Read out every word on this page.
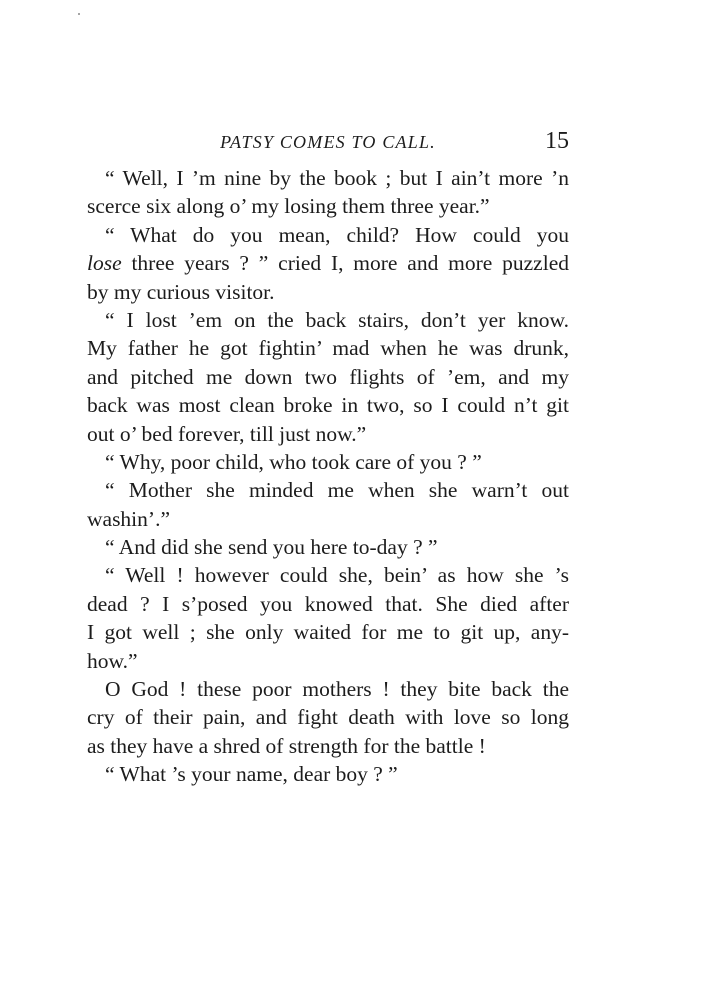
PATSY COMES TO CALL.	15
“ Well, I ’m nine by the book ; but I ain’t more ’n
scerce six along o’ my losing them three year.”
“ What do you mean, child? How could you
lose three years ? ” cried I, more and more puzzled
by my curious visitor.
“ I lost ’em on the back stairs, don’t yer know.
My father he got fightin’ mad when he was drunk,
and pitched me down two flights of ’em, and my
back was most clean broke in two, so I could n’t git
out o’ bed forever, till just now.”
“ Why, poor child, who took care of you ? ”
“ Mother she minded me when she warn’t out
washin’.”
“ And did she send you here to-day ? ”
“ Well ! however could she, bein’ as how she ’s
dead ? I s’posed you knowed that. She died after
I got well ; she only waited for me to git up, any-
how.”
O God ! these poor mothers ! they bite back the
cry of their pain, and fight death with love so long
as they have a shred of strength for the battle !
“ What ’s your name, dear boy ? ”
